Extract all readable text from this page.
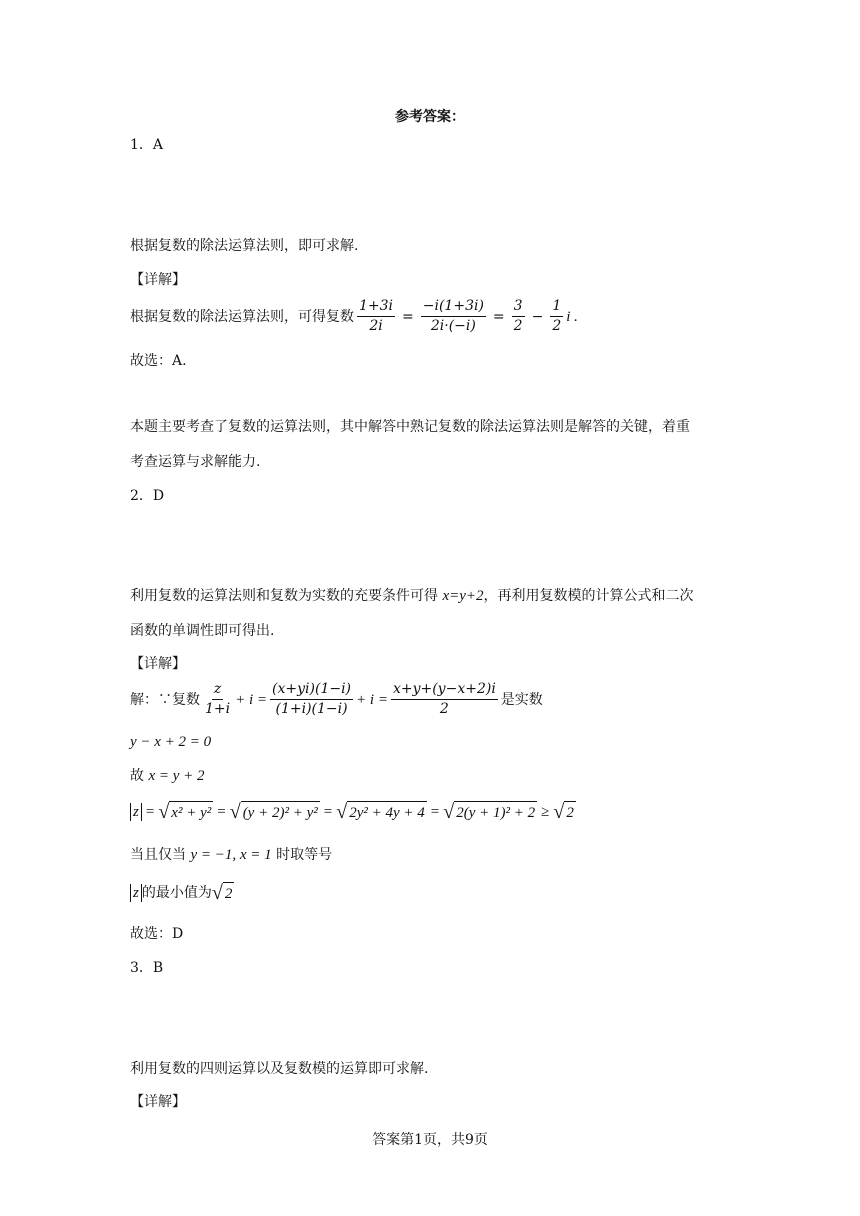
参考答案：
1．A
根据复数的除法运算法则，即可求解.
【详解】
根据复数的除法运算法则，可得复数 $\frac{1+3i}{2i} = \frac{-i(1+3i)}{2i\cdot(-i)} = \frac{3}{2} - \frac{1}{2}$ i .
故选：A.
本题主要考查了复数的运算法则，其中解答中熟记复数的除法运算法则是解答的关键，着重
考查运算与求解能力.
2．D
利用复数的运算法则和复数为实数的充要条件可得 x=y+2，再利用复数模的计算公式和二次
函数的单调性即可得出.
【详解】
解：∵复数 $\frac{z}{1+i} + i = \frac{(x+yi)(1-i)}{(1+i)(1-i)} + i = \frac{x+y+(y-x+2)i}{2}$ 是实数
y − x + 2 = 0
故 x = y + 2
z = √ x² + y² = √ (y + 2)² + y² = √ 2y² + 4y + 4 = √ 2(y + 1)² + 2 ≥ √ 2
当且仅当 y = −1, x = 1 时取等号
z 的最小值为 √ 2
故选：D
3．B
利用复数的四则运算以及复数模的运算即可求解.
【详解】
答案第1页，共9页
